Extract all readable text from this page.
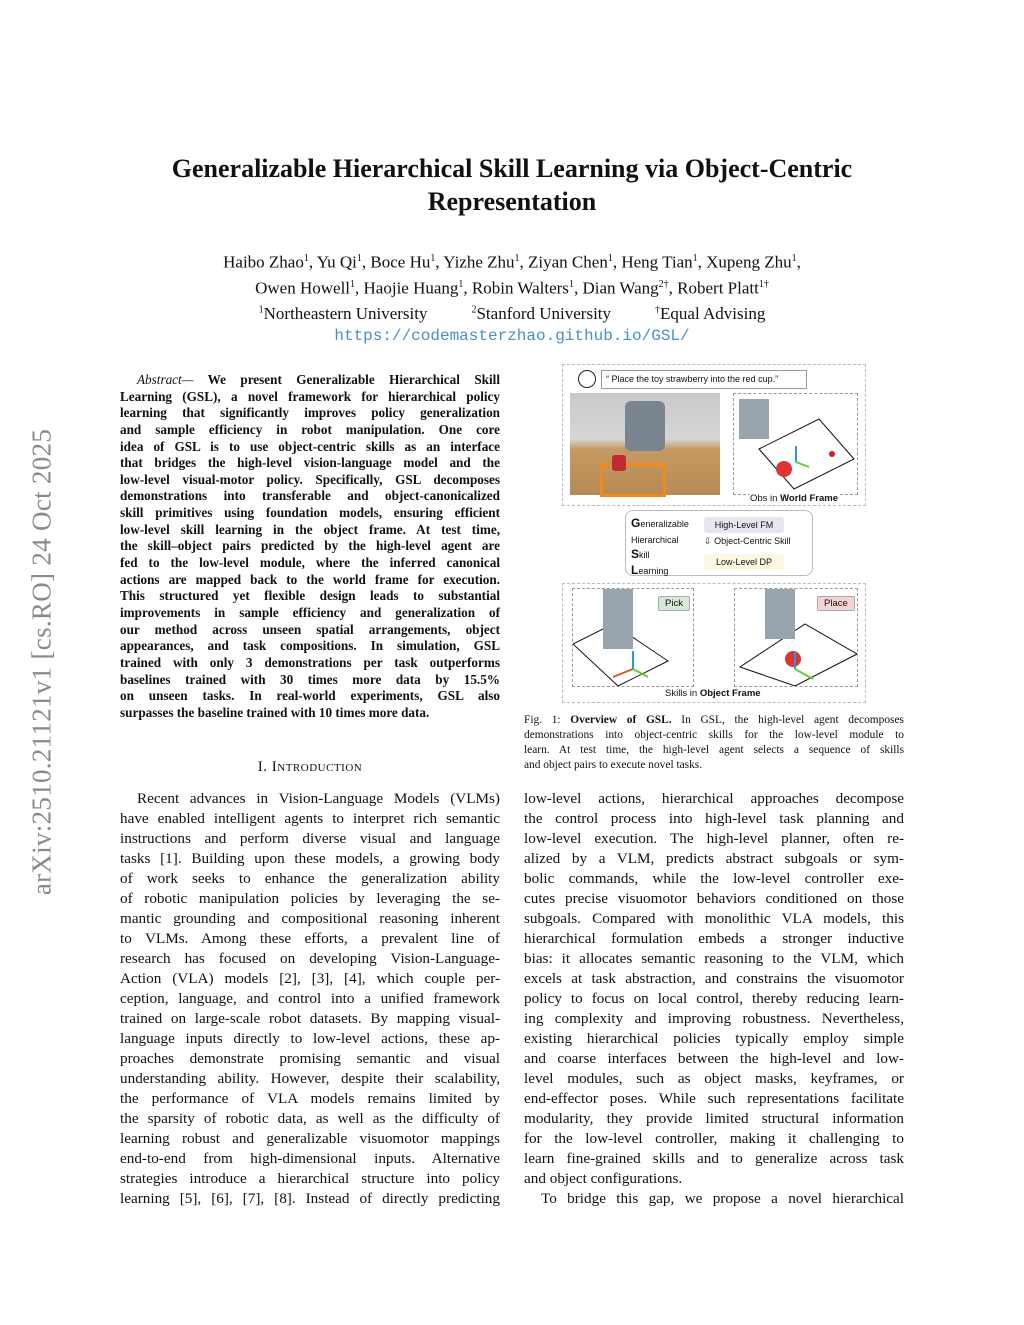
arXiv:2510.21121v1 [cs.RO] 24 Oct 2025
Generalizable Hierarchical Skill Learning via Object-Centric
Representation
Haibo Zhao$^1$, Yu Qi$^1$, Boce Hu$^1$, Yizhe Zhu$^1$, Ziyan Chen$^1$, Heng Tian$^1$, Xupeng Zhu$^1$,
Owen Howell$^1$, Haojie Huang$^1$, Robin Walters$^1$, Dian Wang$^{2\dagger}$, Robert Platt$^{1\dagger}$
$^1$Northeastern University	$^2$Stanford University	†Equal Advising
https://codemasterzhao.github.io/GSL/
Abstract— We present Generalizable Hierarchical Skill
Learning (GSL), a novel framework for hierarchical policy
learning that significantly improves policy generalization
and sample efficiency in robot manipulation. One core
idea of GSL is to use object-centric skills as an interface
that bridges the high-level vision-language model and the
low-level visual-motor policy. Specifically, GSL decomposes
demonstrations into transferable and object-canonicalized
skill primitives using foundation models, ensuring efficient
low-level skill learning in the object frame. At test time,
the skill–object pairs predicted by the high-level agent are
fed to the low-level module, where the inferred canonical
actions are mapped back to the world frame for execution.
This structured yet flexible design leads to substantial
improvements in sample efficiency and generalization of
our method across unseen spatial arrangements, object
appearances, and task compositions. In simulation, GSL
trained with only 3 demonstrations per task outperforms
baselines trained with 30 times more data by 15.5%
on unseen tasks. In real-world experiments, GSL also
surpasses the baseline trained with 10 times more data.
I. Introduction
Recent advances in Vision-Language Models (VLMs)
have enabled intelligent agents to interpret rich semantic
instructions and perform diverse visual and language
tasks [1]. Building upon these models, a growing body
of work seeks to enhance the generalization ability
of robotic manipulation policies by leveraging the se-
mantic grounding and compositional reasoning inherent
to VLMs. Among these efforts, a prevalent line of
research has focused on developing Vision-Language-
Action (VLA) models [2], [3], [4], which couple per-
ception, language, and control into a unified framework
trained on large-scale robot datasets. By mapping visual-
language inputs directly to low-level actions, these ap-
proaches demonstrate promising semantic and visual
understanding ability. However, despite their scalability,
the performance of VLA models remains limited by
the sparsity of robotic data, as well as the difficulty of
learning robust and generalizable visuomotor mappings
end-to-end from high-dimensional inputs. Alternative
strategies introduce a hierarchical structure into policy
learning [5], [6], [7], [8]. Instead of directly predicting
“ Place the toy strawberry into the red cup.”
Obs in World Frame
Generalizable
Hierarchical
Skill
Learning
High-Level FM
⇩ Object-Centric Skill
Low-Level DP
Pick	Place
Skills in Object Frame
Fig. 1: Overview of GSL. In GSL, the high-level agent decomposes
demonstrations into object-centric skills for the low-level module to
learn. At test time, the high-level agent selects a sequence of skills
and object pairs to execute novel tasks.
low-level actions, hierarchical approaches decompose
the control process into high-level task planning and
low-level execution. The high-level planner, often re-
alized by a VLM, predicts abstract subgoals or sym-
bolic commands, while the low-level controller exe-
cutes precise visuomotor behaviors conditioned on those
subgoals. Compared with monolithic VLA models, this
hierarchical formulation embeds a stronger inductive
bias: it allocates semantic reasoning to the VLM, which
excels at task abstraction, and constrains the visuomotor
policy to focus on local control, thereby reducing learn-
ing complexity and improving robustness. Nevertheless,
existing hierarchical policies typically employ simple
and coarse interfaces between the high-level and low-
level modules, such as object masks, keyframes, or
end-effector poses. While such representations facilitate
modularity, they provide limited structural information
for the low-level controller, making it challenging to
learn fine-grained skills and to generalize across task
and object configurations.
To bridge this gap, we propose a novel hierarchical
